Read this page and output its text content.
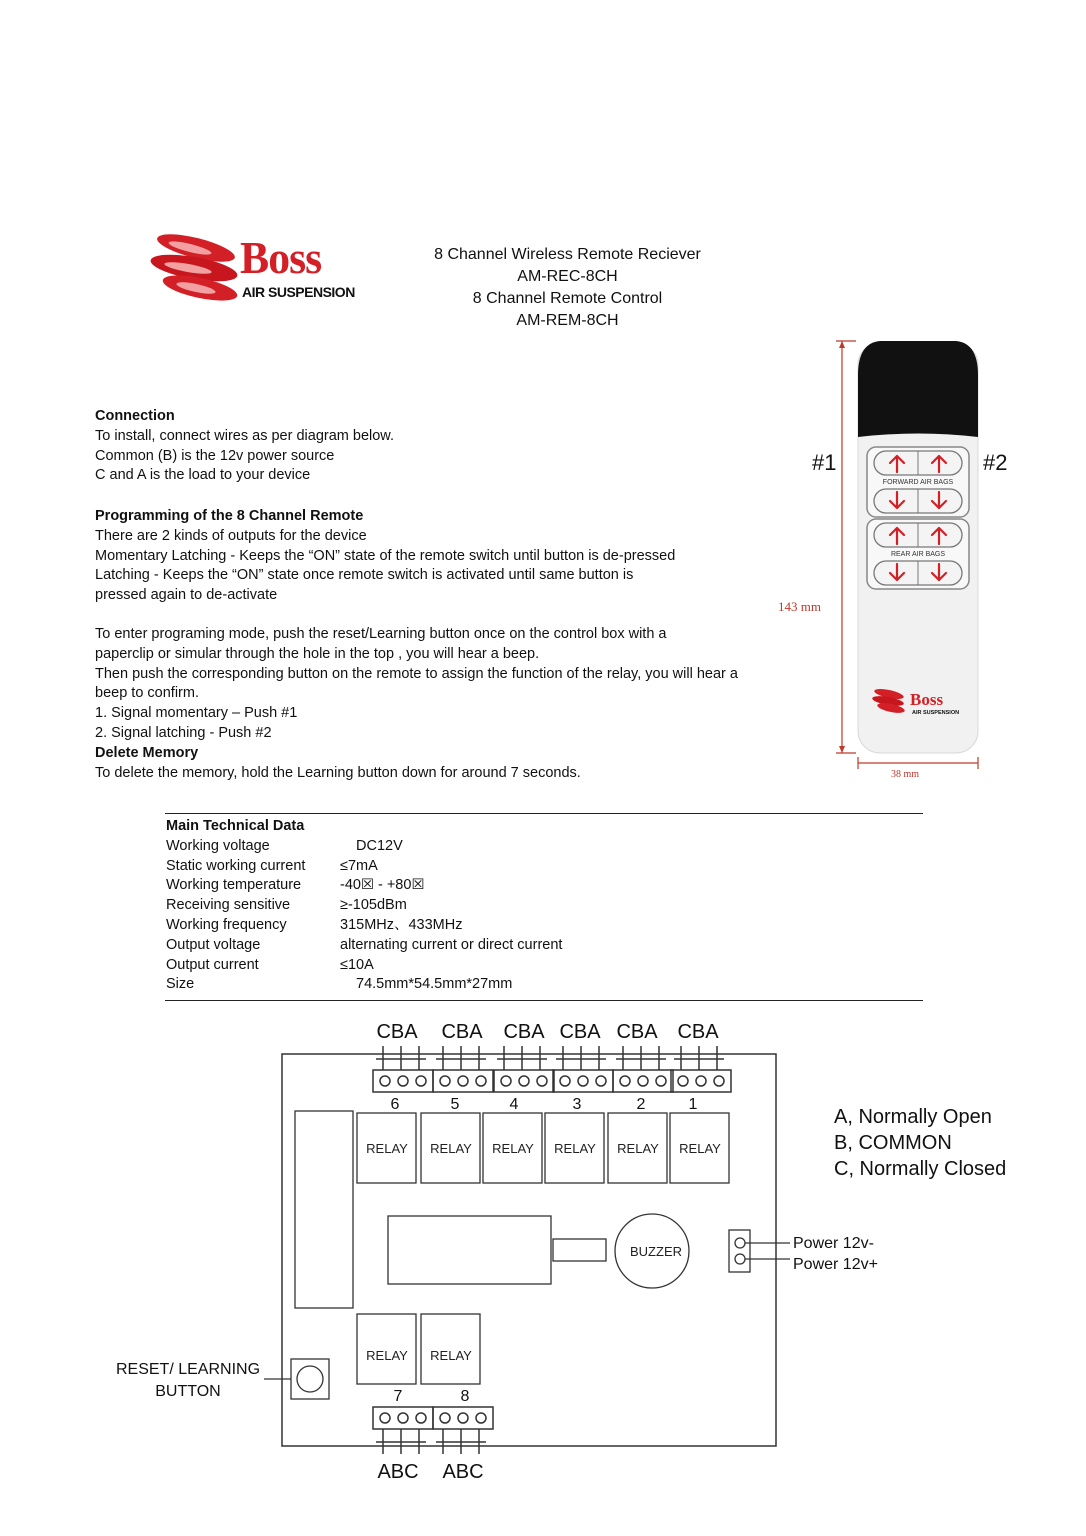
Boss
AIR SUSPENSION
8 Channel Wireless Remote Reciever
AM-REC-8CH
8 Channel Remote Control
AM-REM-8CH
Connection
To install, connect wires as per diagram below.
Common (B) is the 12v power source
C and A is the load to your device
Programming of the 8 Channel Remote
There are 2 kinds of outputs for the device
Momentary Latching - Keeps the “ON” state of the remote switch until button is de-pressed
Latching - Keeps the “ON” state once remote switch is activated until same button is
pressed again to de-activate
To enter programing mode, push the reset/Learning button once on the control box with a
paperclip or simular through the hole in the top , you will hear a beep.
Then push the corresponding button on the remote to assign the function of the relay, you will hear a
beep to confirm.
1. Signal momentary – Push #1
2. Signal latching - Push #2
Delete Memory
To delete the memory, hold the Learning button down for around 7 seconds.
143 mm
38 mm
FORWARD AIR BAGS
REAR AIR BAGS
#1	#2
Boss
AIR SUSPENSION
Main Technical Data
Working voltage	DC12V
Static working current ≤7mA
Working temperature	-40☒ - +80☒
Receiving sensitive	≥-105dBm
Working frequency	315MHz、433MHz
Output voltage	alternating current or direct current
Output current	≤10A
Size	74.5mm*54.5mm*27mm
CBA CBA CBA CBA CBA CBA
6	5	4	3	2	1
RELAY RELAY RELAY RELAY RELAY RELAY
BUZZER	Power 12v-
Power 12v+
A, Normally Open
B, COMMON
C, Normally Closed
RELAY RELAY
RESET/ LEARNING
BUTTON	7	8
ABC ABC
